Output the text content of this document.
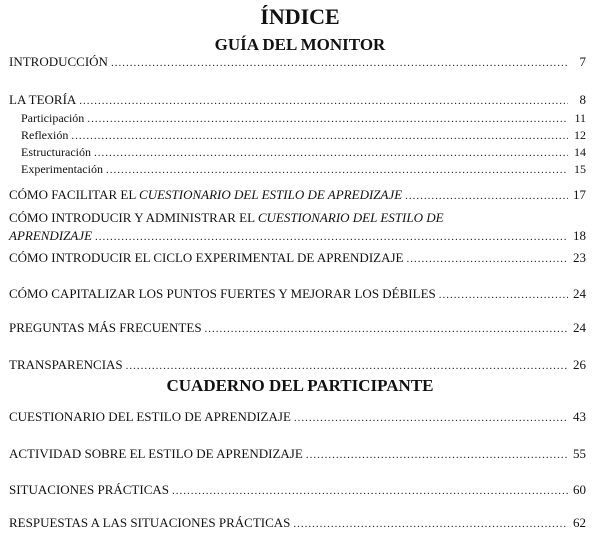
ÍNDICE
GUÍA DEL MONITOR
INTRODUCCIÓN .....	7
LA TEORÍA .....	8
Participación .....	11
Reflexión .....	12
Estructuración .....	14
Experimentación .....	15
CÓMO FACILITAR EL CUESTIONARIO DEL ESTILO DE APREDIZAJE .....	17
CÓMO INTRODUCIR Y ADMINISTRAR EL CUESTIONARIO DEL ESTILO DE
APRENDIZAJE .....	18
CÓMO INTRODUCIR EL CICLO EXPERIMENTAL DE APRENDIZAJE .....	23
CÓMO CAPITALIZAR LOS PUNTOS FUERTES Y MEJORAR LOS DÉBILES .....	24
PREGUNTAS MÁS FRECUENTES .....	24
TRANSPARENCIAS .....	26
CUADERNO DEL PARTICIPANTE
CUESTIONARIO DEL ESTILO DE APRENDIZAJE .....	43
ACTIVIDAD SOBRE EL ESTILO DE APRENDIZAJE .....	55
SITUACIONES PRÁCTICAS .....	60
RESPUESTAS A LAS SITUACIONES PRÁCTICAS .....	62
